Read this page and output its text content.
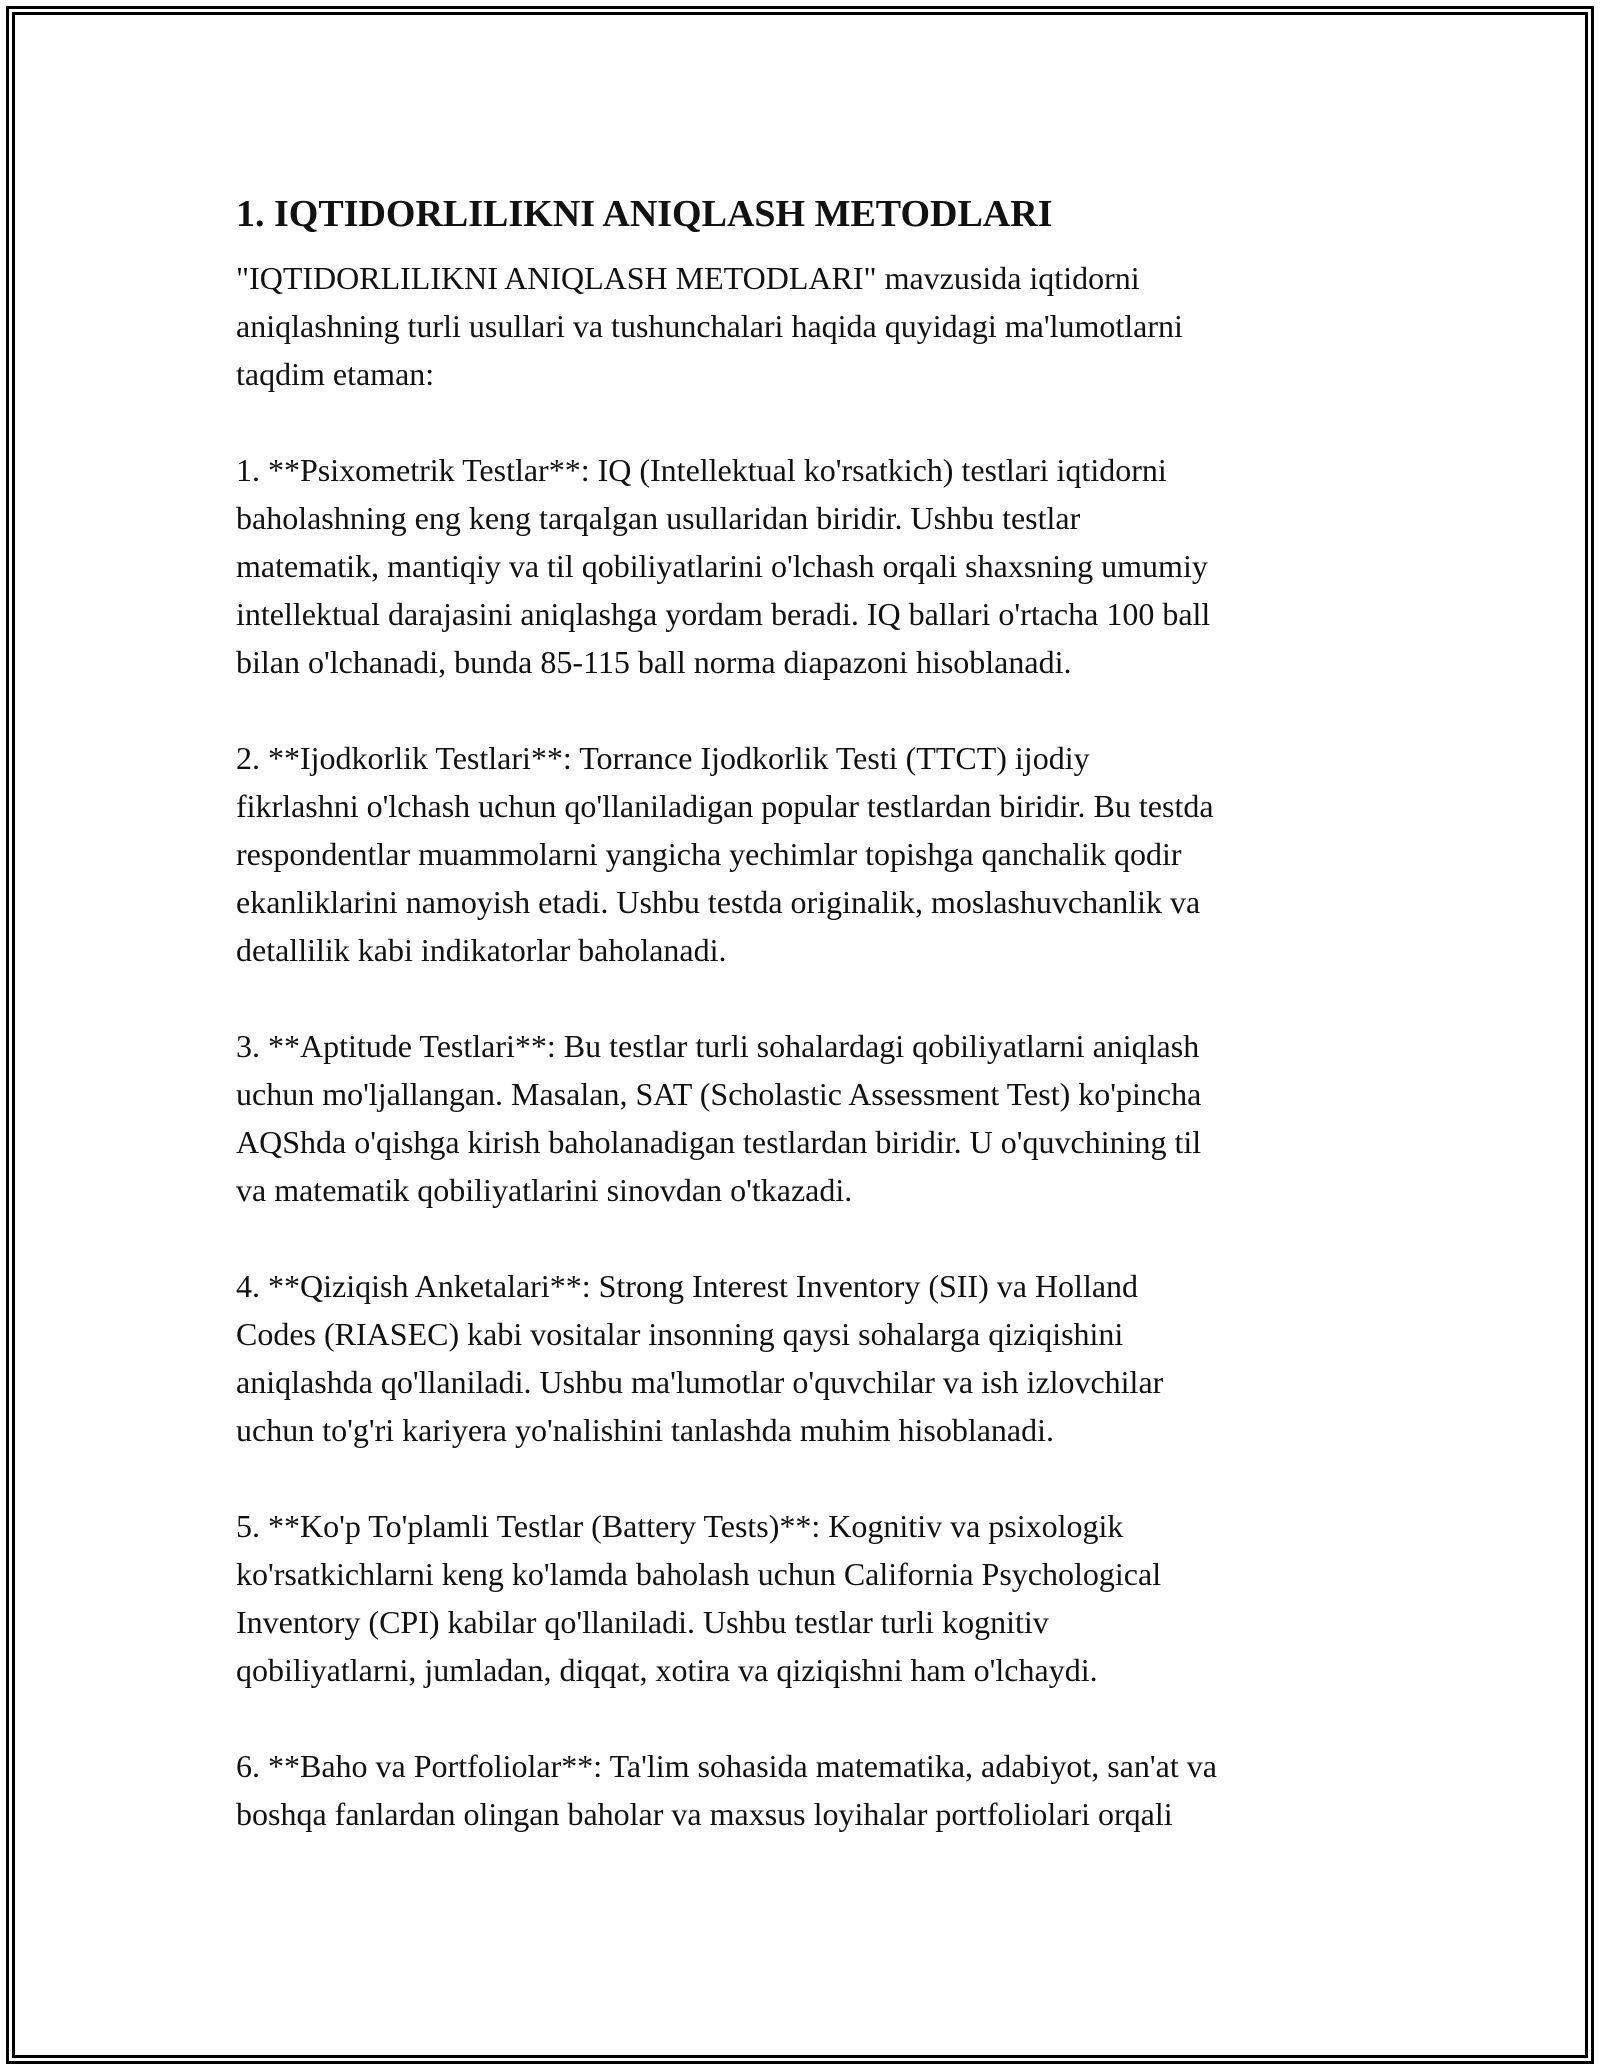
1. IQTIDORLILIKNI ANIQLASH METODLARI

"IQTIDORLILIKNI ANIQLASH METODLARI" mavzusida iqtidorni
aniqlashning turli usullari va tushunchalari haqida quyidagi ma'lumotlarni
taqdim etaman:

1. **Psixometrik Testlar**: IQ (Intellektual ko'rsatkich) testlari iqtidorni
baholashning eng keng tarqalgan usullaridan biridir. Ushbu testlar
matematik, mantiqiy va til qobiliyatlarini o'lchash orqali shaxsning umumiy
intellektual darajasini aniqlashga yordam beradi. IQ ballari o'rtacha 100 ball
bilan o'lchanadi, bunda 85-115 ball norma diapazoni hisoblanadi.

2. **Ijodkorlik Testlari**: Torrance Ijodkorlik Testi (TTCT) ijodiy
fikrlashni o'lchash uchun qo'llaniladigan popular testlardan biridir. Bu testda
respondentlar muammolarni yangicha yechimlar topishga qanchalik qodir
ekanliklarini namoyish etadi. Ushbu testda originalik, moslashuvchanlik va
detallilik kabi indikatorlar baholanadi.

3. **Aptitude Testlari**: Bu testlar turli sohalardagi qobiliyatlarni aniqlash
uchun mo'ljallangan. Masalan, SAT (Scholastic Assessment Test) ko'pincha
AQShda o'qishga kirish baholanadigan testlardan biridir. U o'quvchining til
va matematik qobiliyatlarini sinovdan o'tkazadi.

4. **Qiziqish Anketalari**: Strong Interest Inventory (SII) va Holland
Codes (RIASEC) kabi vositalar insonning qaysi sohalarga qiziqishini
aniqlashda qo'llaniladi. Ushbu ma'lumotlar o'quvchilar va ish izlovchilar
uchun to'g'ri kariyera yo'nalishini tanlashda muhim hisoblanadi.

5. **Ko'p To'plamli Testlar (Battery Tests)**: Kognitiv va psixologik
ko'rsatkichlarni keng ko'lamda baholash uchun California Psychological
Inventory (CPI) kabilar qo'llaniladi. Ushbu testlar turli kognitiv
qobiliyatlarni, jumladan, diqqat, xotira va qiziqishni ham o'lchaydi.

6. **Baho va Portfoliolar**: Ta'lim sohasida matematika, adabiyot, san'at va
boshqa fanlardan olingan baholar va maxsus loyihalar portfoliolari orqali
